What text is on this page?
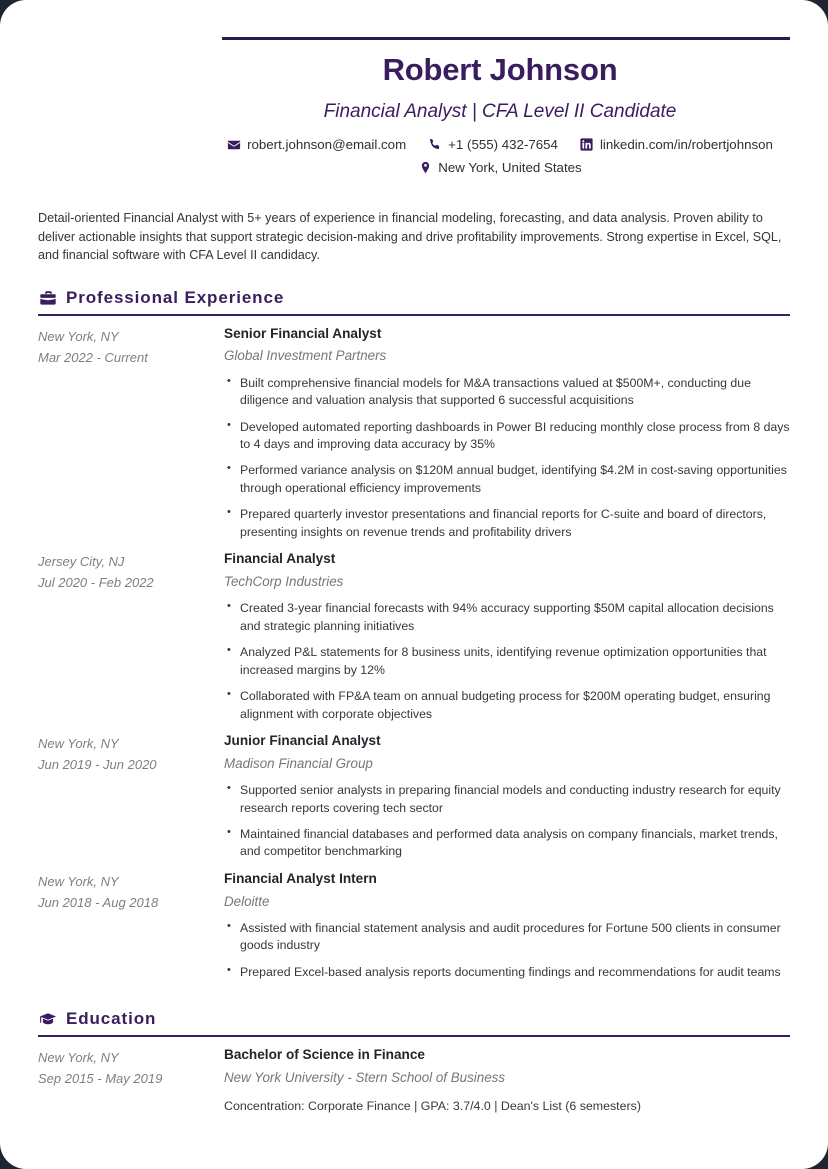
Robert Johnson
Financial Analyst | CFA Level II Candidate
robert.johnson@email.com	+1 (555) 432-7654	linkedin.com/in/robertjohnson
New York, United States
Detail-oriented Financial Analyst with 5+ years of experience in financial modeling, forecasting, and data analysis. Proven ability to deliver actionable insights that support strategic decision-making and drive profitability improvements. Strong expertise in Excel, SQL, and financial software with CFA Level II candidacy.
Professional Experience
New York, NY
Mar 2022 - Current
Senior Financial Analyst
Global Investment Partners
• Built comprehensive financial models for M&A transactions valued at $500M+, conducting due diligence and valuation analysis that supported 6 successful acquisitions
• Developed automated reporting dashboards in Power BI reducing monthly close process from 8 days to 4 days and improving data accuracy by 35%
• Performed variance analysis on $120M annual budget, identifying $4.2M in cost-saving opportunities through operational efficiency improvements
• Prepared quarterly investor presentations and financial reports for C-suite and board of directors, presenting insights on revenue trends and profitability drivers
Jersey City, NJ
Jul 2020 - Feb 2022
Financial Analyst
TechCorp Industries
• Created 3-year financial forecasts with 94% accuracy supporting $50M capital allocation decisions and strategic planning initiatives
• Analyzed P&L statements for 8 business units, identifying revenue optimization opportunities that increased margins by 12%
• Collaborated with FP&A team on annual budgeting process for $200M operating budget, ensuring alignment with corporate objectives
New York, NY
Jun 2019 - Jun 2020
Junior Financial Analyst
Madison Financial Group
• Supported senior analysts in preparing financial models and conducting industry research for equity research reports covering tech sector
• Maintained financial databases and performed data analysis on company financials, market trends, and competitor benchmarking
New York, NY
Jun 2018 - Aug 2018
Financial Analyst Intern
Deloitte
• Assisted with financial statement analysis and audit procedures for Fortune 500 clients in consumer goods industry
• Prepared Excel-based analysis reports documenting findings and recommendations for audit teams
Education
New York, NY
Sep 2015 - May 2019
Bachelor of Science in Finance
New York University - Stern School of Business
Concentration: Corporate Finance | GPA: 3.7/4.0 | Dean's List (6 semesters)
